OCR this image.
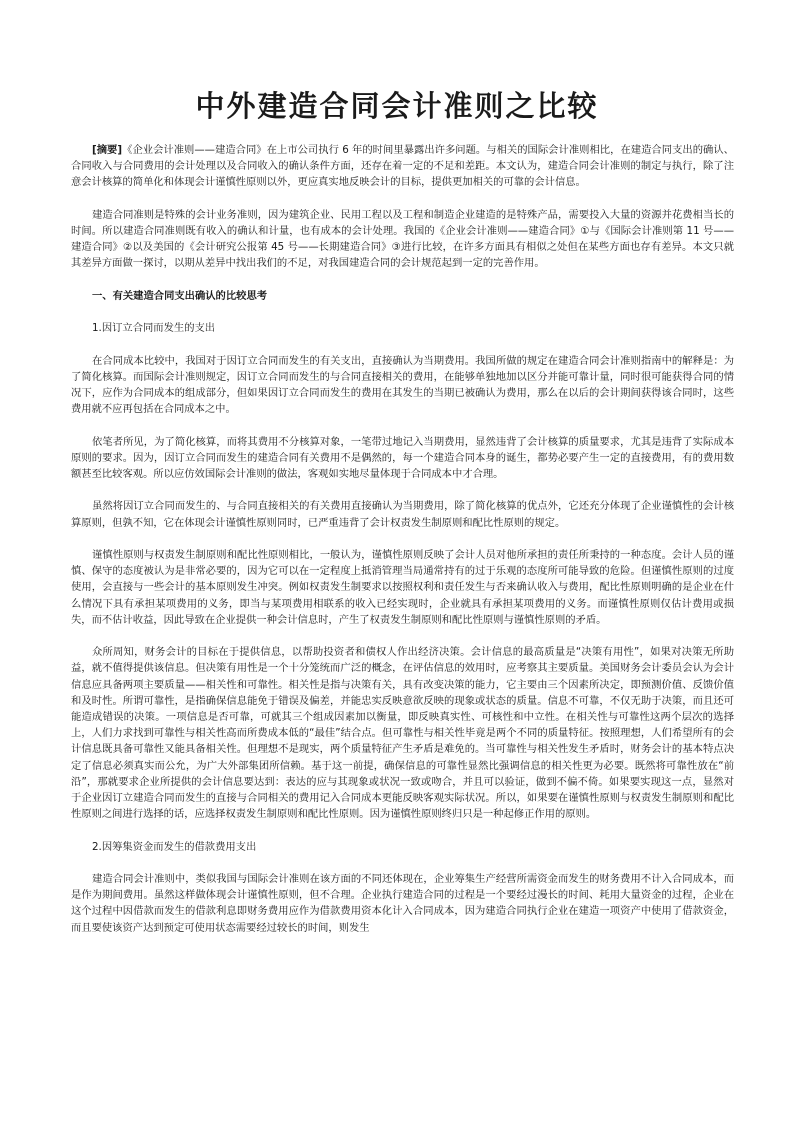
中外建造合同会计准则之比较

[摘要]《企业会计准则——建造合同》在上市公司执行 6 年的时间里暴露出许多问题。与相关的国际会计准则相比，在建造合同支出的确认、合同收入与合同费用的会计处理以及合同收入的确认条件方面，还存在着一定的不足和差距。本文认为，建造合同会计准则的制定与执行，除了注意会计核算的简单化和体现会计谨慎性原则以外，更应真实地反映会计的目标，提供更加相关的可靠的会计信息。

建造合同准则是特殊的会计业务准则，因为建筑企业、民用工程以及工程和制造企业建造的是特殊产品，需要投入大量的资源并花费相当长的时间。所以建造合同准则既有收入的确认和计量，也有成本的会计处理。我国的《企业会计准则——建造合同》①与《国际会计准则第 11 号——建造合同》②以及美国的《会计研究公报第 45 号——长期建造合同》③进行比较，在许多方面具有相似之处但在某些方面也存有差异。本文只就其差异方面做一探讨，以期从差异中找出我们的不足，对我国建造合同的会计规范起到一定的完善作用。

一、有关建造合同支出确认的比较思考

1.因订立合同而发生的支出

在合同成本比较中，我国对于因订立合同而发生的有关支出，直接确认为当期费用。我国所做的规定在建造合同会计准则指南中的解释是：为了简化核算。而国际会计准则规定，因订立合同而发生的与合同直接相关的费用，在能够单独地加以区分并能可靠计量，同时很可能获得合同的情况下，应作为合同成本的组成部分，但如果因订立合同而发生的费用在其发生的当期已被确认为费用，那么在以后的会计期间获得该合同时，这些费用就不应再包括在合同成本之中。

依笔者所见，为了简化核算，而将其费用不分核算对象，一笔带过地记入当期费用，显然违背了会计核算的质量要求，尤其是违背了实际成本原则的要求。因为，因订立合同而发生的建造合同有关费用不是偶然的，每一个建造合同本身的诞生，都势必要产生一定的直接费用，有的费用数额甚至比较客观。所以应仿效国际会计准则的做法，客观如实地尽量体现于合同成本中才合理。

虽然将因订立合同而发生的、与合同直接相关的有关费用直接确认为当期费用，除了简化核算的优点外，它还充分体现了企业谨慎性的会计核算原则，但孰不知，它在体现会计谨慎性原则同时，已严重违背了会计权责发生制原则和配比性原则的规定。

谨慎性原则与权责发生制原则和配比性原则相比，一般认为，谨慎性原则反映了会计人员对他所承担的责任所秉持的一种态度。会计人员的谨慎、保守的态度被认为是非常必要的，因为它可以在一定程度上抵消管理当局通常持有的过于乐观的态度所可能导致的危险。但谨慎性原则的过度使用，会直接与一些会计的基本原则发生冲突。例如权责发生制要求以按照权利和责任发生与否来确认收入与费用，配比性原则明确的是企业在什么情况下具有承担某项费用的义务，即当与某项费用相联系的收入已经实现时，企业就具有承担某项费用的义务。而谨慎性原则仅估计费用或损失，而不估计收益，因此导致在企业提供一种会计信息时，产生了权责发生制原则和配比性原则与谨慎性原则的矛盾。

众所周知，财务会计的目标在于提供信息，以帮助投资者和债权人作出经济决策。会计信息的最高质量是“决策有用性”，如果对决策无所助益，就不值得提供该信息。但决策有用性是一个十分笼统而广泛的概念，在评估信息的效用时，应考察其主要质量。美国财务会计委员会认为会计信息应具备两项主要质量——相关性和可靠性。相关性是指与决策有关，具有改变决策的能力，它主要由三个因素所决定，即预测价值、反馈价值和及时性。所谓可靠性，是指确保信息能免于错误及偏差，并能忠实反映意欲反映的现象或状态的质量。信息不可靠，不仅无助于决策，而且还可能造成错误的决策。一项信息是否可靠，可就其三个组成因素加以衡量，即反映真实性、可核性和中立性。在相关性与可靠性这两个层次的选择上，人们力求找到可靠性与相关性高而所费成本低的“最佳”结合点。但可靠性与相关性毕竟是两个不同的质量特征。按照理想，人们希望所有的会计信息既具备可靠性又能具备相关性。但理想不是现实，两个质量特征产生矛盾是难免的。当可靠性与相关性发生矛盾时，财务会计的基本特点决定了信息必须真实而公允，为广大外部集团所信赖。基于这一前提，确保信息的可靠性显然比强调信息的相关性更为必要。既然将可靠性放在“前沿”，那就要求企业所提供的会计信息要达到：表达的应与其现象或状况一致或吻合，并且可以验证，做到不偏不倚。如果要实现这一点，显然对于企业因订立建造合同而发生的直接与合同相关的费用记入合同成本更能反映客观实际状况。所以，如果要在谨慎性原则与权责发生制原则和配比性原则之间进行选择的话，应选择权责发生制原则和配比性原则。因为谨慎性原则终归只是一种起修正作用的原则。

2.因筹集资金而发生的借款费用支出

建造合同会计准则中，类似我国与国际会计准则在该方面的不同还体现在，企业筹集生产经营所需资金而发生的财务费用不计入合同成本，而是作为期间费用。虽然这样做体现会计谨慎性原则，但不合理。企业执行建造合同的过程是一个要经过漫长的时间、耗用大量资金的过程，企业在这个过程中因借款而发生的借款利息即财务费用应作为借款费用资本化计入合同成本，因为建造合同执行企业在建造一项资产中使用了借款资金，而且要使该资产达到预定可使用状态需要经过较长的时间，则发生
